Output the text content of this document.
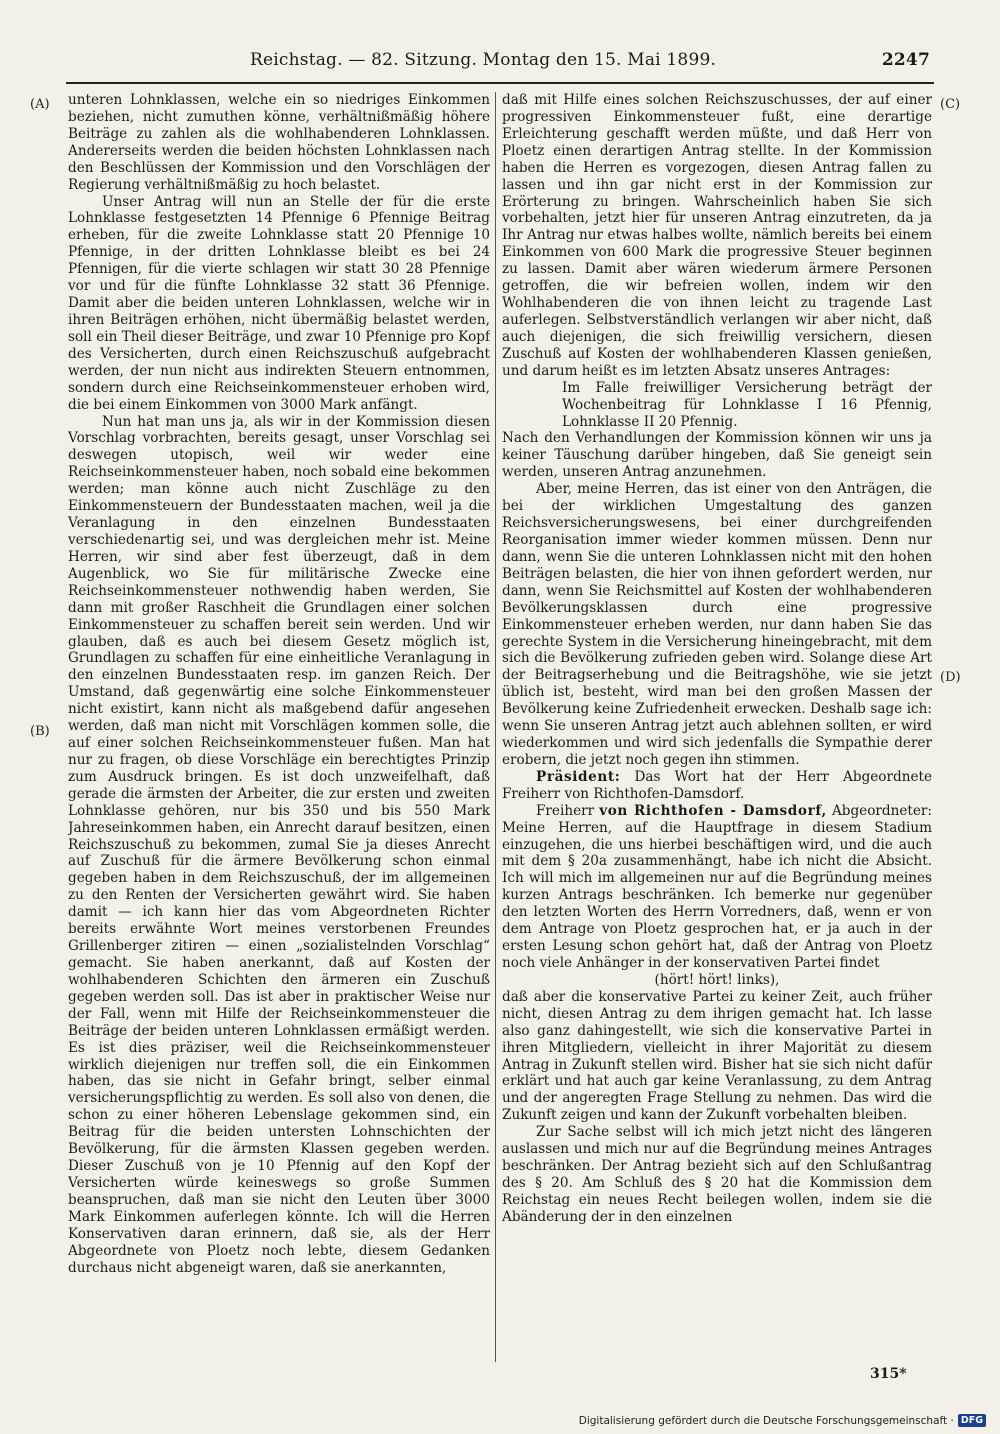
Reichstag. — 82. Sitzung. Montag den 15. Mai 1899.	2247
(A)
(B)
(C)
(D)

unteren Lohnklassen, welche ein so niedriges Einkommen beziehen, nicht zumuthen könne, verhältnißmäßig höhere Beiträge zu zahlen als die wohlhabenderen Lohnklassen. Andererseits werden die beiden höchsten Lohnklassen nach den Beschlüssen der Kommission und den Vorschlägen der Regierung verhältnißmäßig zu hoch belastet.

Unser Antrag will nun an Stelle der für die erste Lohnklasse festgesetzten 14 Pfennige 6 Pfennige Beitrag erheben, für die zweite Lohnklasse statt 20 Pfennige 10 Pfennige, in der dritten Lohnklasse bleibt es bei 24 Pfennigen, für die vierte schlagen wir statt 30 28 Pfennige vor und für die fünfte Lohnklasse 32 statt 36 Pfennige. Damit aber die beiden unteren Lohnklassen, welche wir in ihren Beiträgen erhöhen, nicht übermäßig belastet werden, soll ein Theil dieser Beiträge, und zwar 10 Pfennige pro Kopf des Versicherten, durch einen Reichszuschuß aufgebracht werden, der nun nicht aus indirekten Steuern entnommen, sondern durch eine Reichseinkommensteuer erhoben wird, die bei einem Einkommen von 3000 Mark anfängt.

Nun hat man uns ja, als wir in der Kommission diesen Vorschlag vorbrachten, bereits gesagt, unser Vorschlag sei deswegen utopisch, weil wir weder eine Reichseinkommensteuer haben, noch sobald eine bekommen werden; man könne auch nicht Zuschläge zu den Einkommensteuern der Bundesstaaten machen, weil ja die Veranlagung in den einzelnen Bundesstaaten verschiedenartig sei, und was dergleichen mehr ist. Meine Herren, wir sind aber fest überzeugt, daß in dem Augenblick, wo Sie für militärische Zwecke eine Reichseinkommensteuer nothwendig haben werden, Sie dann mit großer Raschheit die Grundlagen einer solchen Einkommensteuer zu schaffen bereit sein werden. Und wir glauben, daß es auch bei diesem Gesetz möglich ist, Grundlagen zu schaffen für eine einheitliche Veranlagung in den einzelnen Bundesstaaten resp. im ganzen Reich. Der Umstand, daß gegenwärtig eine solche Einkommensteuer nicht existirt, kann nicht als maßgebend dafür angesehen werden, daß man nicht mit Vorschlägen kommen solle, die auf einer solchen Reichseinkommensteuer fußen. Man hat nur zu fragen, ob diese Vorschläge ein berechtigtes Prinzip zum Ausdruck bringen. Es ist doch unzweifelhaft, daß gerade die ärmsten der Arbeiter, die zur ersten und zweiten Lohnklasse gehören, nur bis 350 und bis 550 Mark Jahreseinkommen haben, ein Anrecht darauf besitzen, einen Reichszuschuß zu bekommen, zumal Sie ja dieses Anrecht auf Zuschuß für die ärmere Bevölkerung schon einmal gegeben haben in dem Reichszuschuß, der im allgemeinen zu den Renten der Versicherten gewährt wird. Sie haben damit — ich kann hier das vom Abgeordneten Richter bereits erwähnte Wort meines verstorbenen Freundes Grillenberger zitiren — einen „sozialistelnden Vorschlag“ gemacht. Sie haben anerkannt, daß auf Kosten der wohlhabenderen Schichten den ärmeren ein Zuschuß gegeben werden soll. Das ist aber in praktischer Weise nur der Fall, wenn mit Hilfe der Reichseinkommensteuer die Beiträge der beiden unteren Lohnklassen ermäßigt werden. Es ist dies präziser, weil die Reichseinkommensteuer wirklich diejenigen nur treffen soll, die ein Einkommen haben, das sie nicht in Gefahr bringt, selber einmal versicherungspflichtig zu werden. Es soll also von denen, die schon zu einer höheren Lebenslage gekommen sind, ein Beitrag für die beiden untersten Lohnschichten der Bevölkerung, für die ärmsten Klassen gegeben werden. Dieser Zuschuß von je 10 Pfennig auf den Kopf der Versicherten würde keineswegs so große Summen beanspruchen, daß man sie nicht den Leuten über 3000 Mark Einkommen auferlegen könnte. Ich will die Herren Konservativen daran erinnern, daß sie, als der Herr Abgeordnete von Ploetz noch lebte, diesem Gedanken durchaus nicht abgeneigt waren, daß sie anerkannten,

daß mit Hilfe eines solchen Reichszuschusses, der auf einer progressiven Einkommensteuer fußt, eine derartige Erleichterung geschafft werden müßte, und daß Herr von Ploetz einen derartigen Antrag stellte. In der Kommission haben die Herren es vorgezogen, diesen Antrag fallen zu lassen und ihn gar nicht erst in der Kommission zur Erörterung zu bringen. Wahrscheinlich haben Sie sich vorbehalten, jetzt hier für unseren Antrag einzutreten, da ja Ihr Antrag nur etwas halbes wollte, nämlich bereits bei einem Einkommen von 600 Mark die progressive Steuer beginnen zu lassen. Damit aber wären wiederum ärmere Personen getroffen, die wir befreien wollen, indem wir den Wohlhabenderen die von ihnen leicht zu tragende Last auferlegen. Selbstverständlich verlangen wir aber nicht, daß auch diejenigen, die sich freiwillig versichern, diesen Zuschuß auf Kosten der wohlhabenderen Klassen genießen, und darum heißt es im letzten Absatz unseres Antrages:

Im Falle freiwilliger Versicherung beträgt der Wochenbeitrag für Lohnklasse I 16 Pfennig, Lohnklasse II 20 Pfennig.

Nach den Verhandlungen der Kommission können wir uns ja keiner Täuschung darüber hingeben, daß Sie geneigt sein werden, unseren Antrag anzunehmen.

Aber, meine Herren, das ist einer von den Anträgen, die bei der wirklichen Umgestaltung des ganzen Reichsversicherungswesens, bei einer durchgreifenden Reorganisation immer wieder kommen müssen. Denn nur dann, wenn Sie die unteren Lohnklassen nicht mit den hohen Beiträgen belasten, die hier von ihnen gefordert werden, nur dann, wenn Sie Reichsmittel auf Kosten der wohlhabenderen Bevölkerungsklassen durch eine progressive Einkommensteuer erheben werden, nur dann haben Sie das gerechte System in die Versicherung hineingebracht, mit dem sich die Bevölkerung zufrieden geben wird. Solange diese Art der Beitragserhebung und die Beitragshöhe, wie sie jetzt üblich ist, besteht, wird man bei den großen Massen der Bevölkerung keine Zufriedenheit erwecken. Deshalb sage ich: wenn Sie unseren Antrag jetzt auch ablehnen sollten, er wird wiederkommen und wird sich jedenfalls die Sympathie derer erobern, die jetzt noch gegen ihn stimmen.

Präsident: Das Wort hat der Herr Abgeordnete Freiherr von Richthofen-Damsdorf.

Freiherr von Richthofen - Damsdorf, Abgeordneter: Meine Herren, auf die Hauptfrage in diesem Stadium einzugehen, die uns hierbei beschäftigen wird, und die auch mit dem § 20a zusammenhängt, habe ich nicht die Absicht. Ich will mich im allgemeinen nur auf die Begründung meines kurzen Antrags beschränken. Ich bemerke nur gegenüber den letzten Worten des Herrn Vorredners, daß, wenn er von dem Antrage von Ploetz gesprochen hat, er ja auch in der ersten Lesung schon gehört hat, daß der Antrag von Ploetz noch viele Anhänger in der konservativen Partei findet

(hört! hört! links),

daß aber die konservative Partei zu keiner Zeit, auch früher nicht, diesen Antrag zu dem ihrigen gemacht hat. Ich lasse also ganz dahingestellt, wie sich die konservative Partei in ihren Mitgliedern, vielleicht in ihrer Majorität zu diesem Antrag in Zukunft stellen wird. Bisher hat sie sich nicht dafür erklärt und hat auch gar keine Veranlassung, zu dem Antrag und der angeregten Frage Stellung zu nehmen. Das wird die Zukunft zeigen und kann der Zukunft vorbehalten bleiben.

Zur Sache selbst will ich mich jetzt nicht des längeren auslassen und mich nur auf die Begründung meines Antrages beschränken. Der Antrag bezieht sich auf den Schlußantrag des § 20. Am Schluß des § 20 hat die Kommission dem Reichstag ein neues Recht beilegen wollen, indem sie die Abänderung der in den einzelnen

315*
Digitalisierung gefördert durch die Deutsche Forschungsgemeinschaft · DFG
